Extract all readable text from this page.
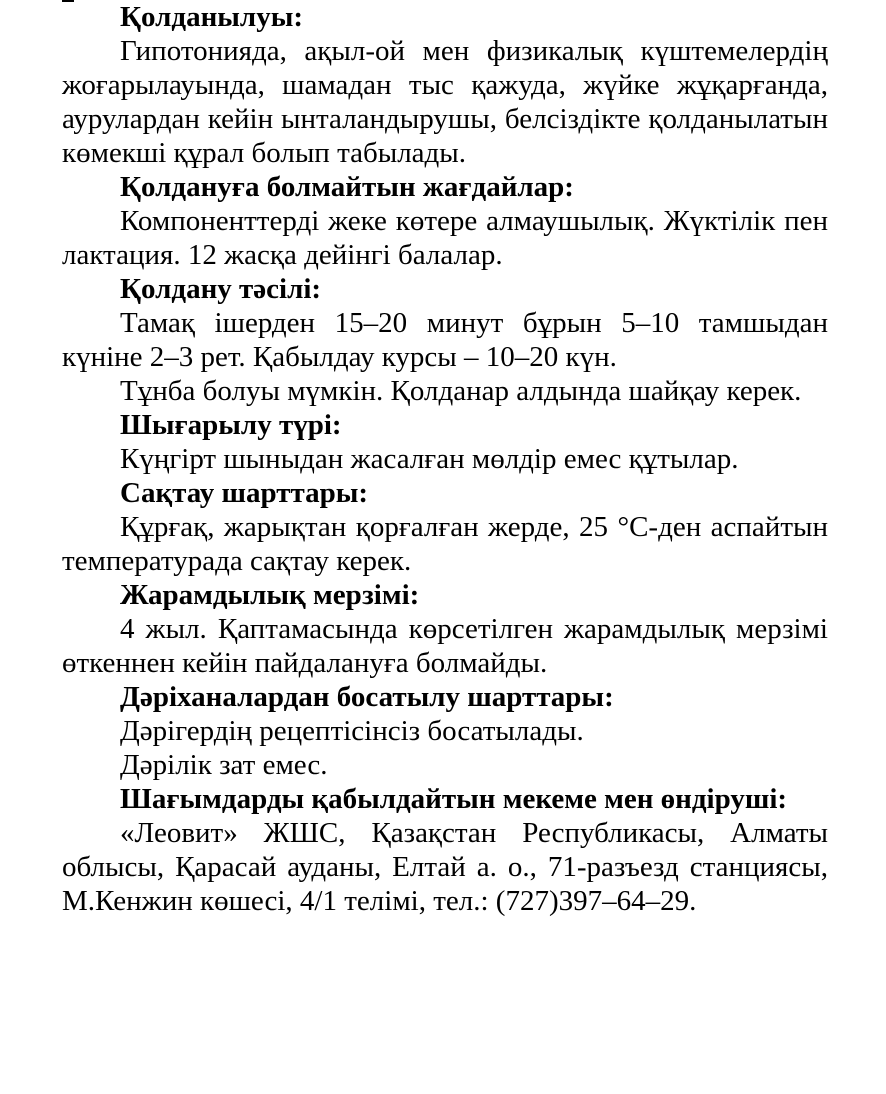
Қолданылуы:

Гипотонияда, ақыл-ой мен физикалық күштемелердің жоғарылауында, шамадан тыс қажуда, жүйке жұқарғанда, аурулардан кейін ынталандырушы, белсіздікте қолданылатын көмекші құрал болып табылады.

Қолдануға болмайтын жағдайлар:

Компоненттерді жеке көтере алмаушылық. Жүктілік пен лактация. 12 жасқа дейінгі балалар.

Қолдану тәсілі:

Тамақ ішерден 15–20 минут бұрын 5–10 тамшыдан күніне 2–3 рет. Қабылдау курсы – 10–20 күн.

Тұнба болуы мүмкін. Қолданар алдында шайқау керек.

Шығарылу түрі:

Күңгірт шыныдан жасалған мөлдір емес құтылар.

Сақтау шарттары:

Құрғақ, жарықтан қорғалған жерде, 25 °С-ден аспайтын температурада сақтау керек.

Жарамдылық мерзімі:

4 жыл. Қаптамасында көрсетілген жарамдылық мерзімі өткеннен кейін пайдалануға болмайды.

Дәріханалардан босатылу шарттары:

Дәрігердің рецептісінсіз босатылады.

Дәрілік зат емес.

Шағымдарды қабылдайтын мекеме мен өндіруші:

«Леовит» ЖШС, Қазақстан Республикасы, Алматы облысы, Қарасай ауданы, Елтай а. о., 71-разъезд станциясы, М.Кенжин көшесі, 4/1 телімі, тел.: (727)397–64–29.
